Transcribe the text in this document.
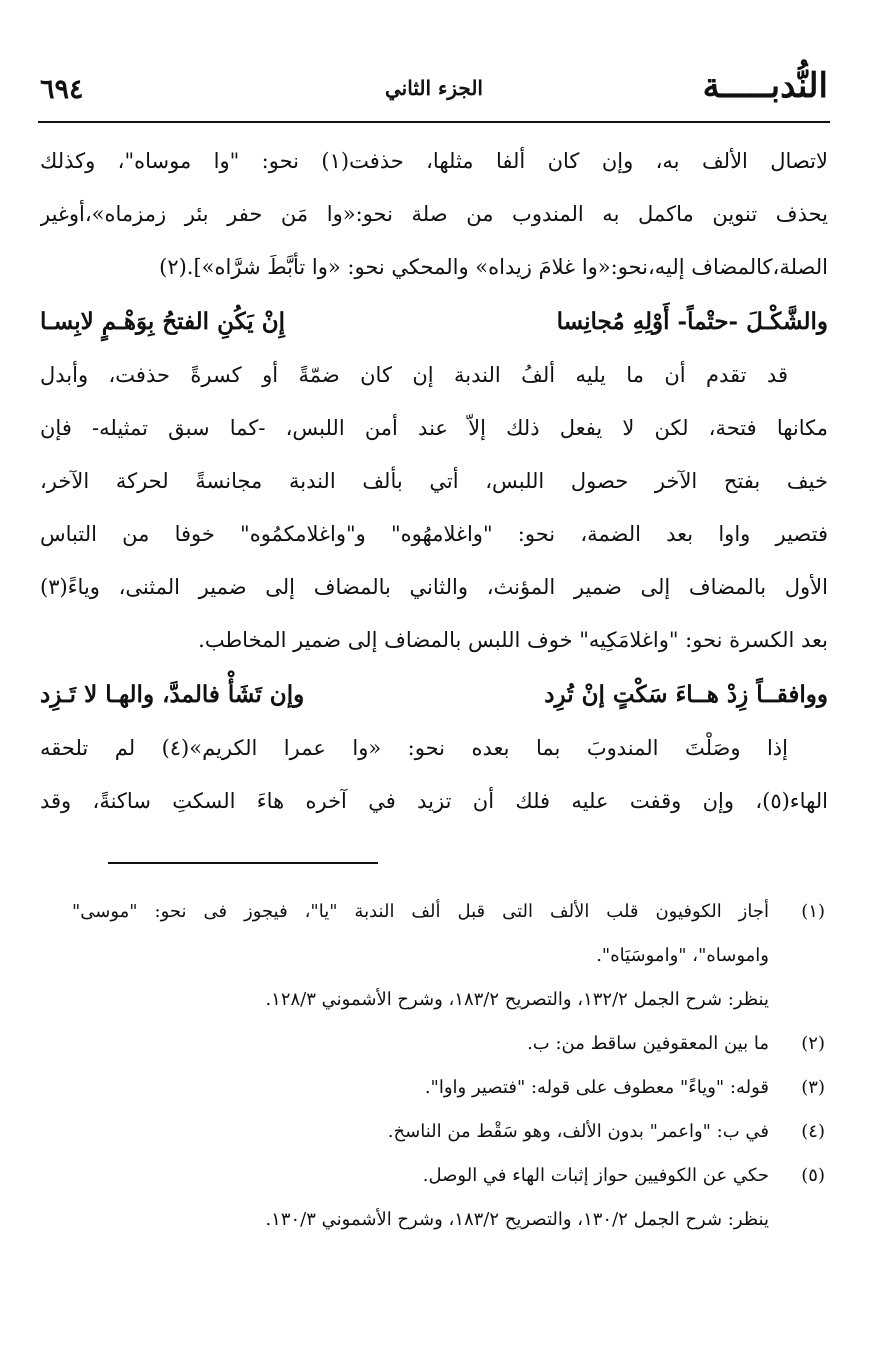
النُّدبـــــة
الجزء الثاني
٦٩٤
لاتصال الألف به، وإن كان ألفا مثلها، حذفت(١) نحو: "وا موساه"، وكذلك
يحذف تنوين ماكمل به المندوب من صلة نحو:«وا مَن حفر بئر زمزماه»،أوغير
الصلة،كالمضاف إليه،نحو:«وا غلامَ زيداه» والمحكي نحو: «وا تأبَّطَ شرَّاه»].(٢)
والشَّكْـلَ -حتْماً- أَوْلِهِ مُجانِسا
إِنْ يَكُنِ الفتحُ بِوَهْـمٍ لابِسـا
قد تقدم أن ما يليه ألفُ الندبة إن كان ضمّةً أو كسرةً حذفت، وأبدل
مكانها فتحة، لكن لا يفعل ذلك إلاّ عند أمن اللبس، -كما سبق تمثيله- فإن
خيف بفتح الآخر حصول اللبس، أتي بألف الندبة مجانسةً لحركة الآخر،
فتصير واوا بعد الضمة، نحو: "واغلامهُوه" و"واغلامكمُوه" خوفا من التباس
الأول بالمضاف إلى ضمير المؤنث، والثاني بالمضاف إلى ضمير المثنى، وياءً(٣)
بعد الكسرة نحو: "واغلامَكِيه" خوف اللبس بالمضاف إلى ضمير المخاطب.
ووافقــاً زِدْ هــاءَ سَكْتٍ إنْ تُرِد
وإن تَشَأْ فالمدَّ، والهـا لا تَـزِد
إذا وصَلْتَ المندوبَ بما بعده نحو: «وا عمرا الكريم»(٤) لم تلحقه
الهاء(٥)، وإن وقفت عليه فلك أن تزيد في آخره هاءَ السكتِ ساكنةً، وقد
(١)
أجاز الكوفيون قلب الألف التى قبل ألف الندبة "يا"، فيجوز فى نحو: "موسى"
واموساه"، "واموسَيَاه".
ينظر: شرح الجمل ١٣٢/٢، والتصريح ١٨٣/٢، وشرح الأشموني ١٢٨/٣.
(٢)
ما بين المعقوفين ساقط من: ب.
(٣)
قوله: "وياءً" معطوف على قوله: "فتصير واوا".
(٤)
في ب: "واعمر" بدون الألف، وهو سَقْط من الناسخ.
(٥)
حكي عن الكوفيين حواز إثبات الهاء في الوصل.
ينظر: شرح الجمل ١٣٠/٢، والتصريح ١٨٣/٢، وشرح الأشموني ١٣٠/٣.
